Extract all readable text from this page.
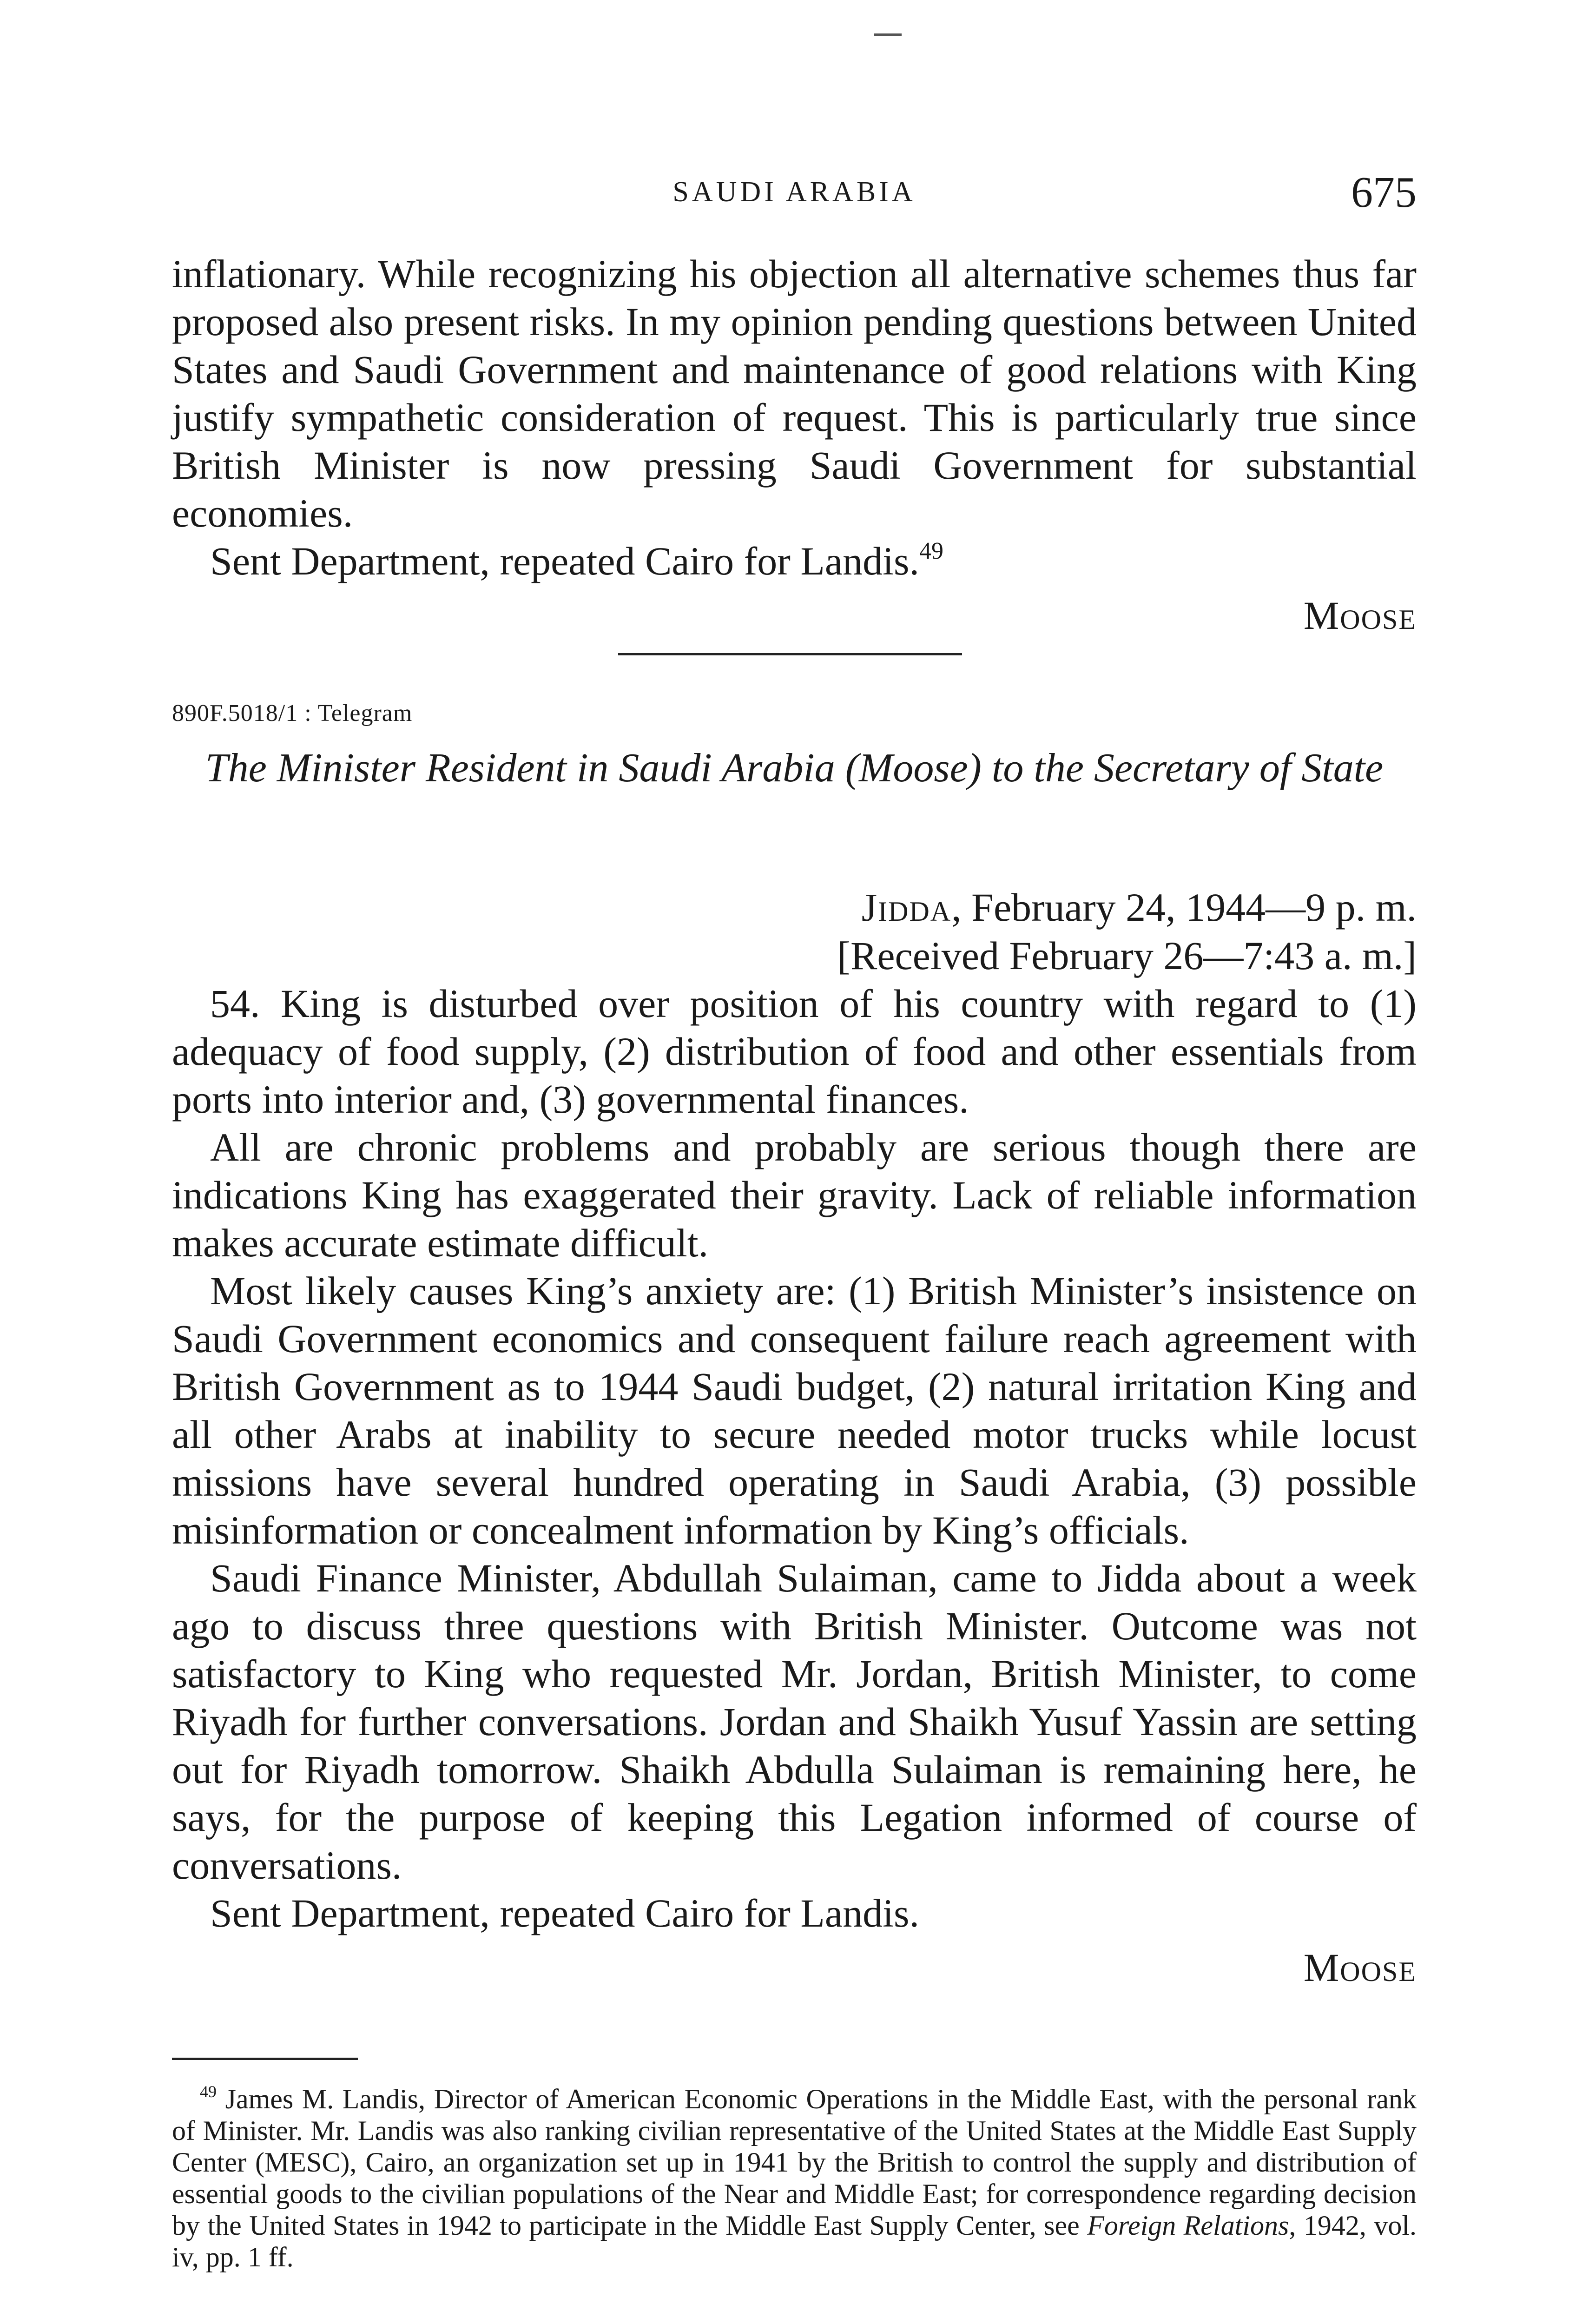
SAUDI ARABIA	675

inflationary. While recognizing his objection all alternative schemes thus far proposed also present risks. In my opinion pending questions between United States and Saudi Government and maintenance of good relations with King justify sympathetic consideration of request. This is particularly true since British Minister is now pressing Saudi Government for substantial economies.

Sent Department, repeated Cairo for Landis.$^{49}$

Moose
890F.5018/1 : Telegram
The Minister Resident in Saudi Arabia (Moose) to the Secretary of State
Jidda, February 24, 1944—9 p. m.
[Received February 26—7:43 a. m.]

54. King is disturbed over position of his country with regard to (1) adequacy of food supply, (2) distribution of food and other essentials from ports into interior and, (3) governmental finances.

All are chronic problems and probably are serious though there are indications King has exaggerated their gravity. Lack of reliable information makes accurate estimate difficult.

Most likely causes King’s anxiety are: (1) British Minister’s insistence on Saudi Government economics and consequent failure reach agreement with British Government as to 1944 Saudi budget, (2) natural irritation King and all other Arabs at inability to secure needed motor trucks while locust missions have several hundred operating in Saudi Arabia, (3) possible misinformation or concealment information by King’s officials.

Saudi Finance Minister, Abdullah Sulaiman, came to Jidda about a week ago to discuss three questions with British Minister. Outcome was not satisfactory to King who requested Mr. Jordan, British Minister, to come Riyadh for further conversations. Jordan and Shaikh Yusuf Yassin are setting out for Riyadh tomorrow. Shaikh Abdulla Sulaiman is remaining here, he says, for the purpose of keeping this Legation informed of course of conversations.

Sent Department, repeated Cairo for Landis.

Moose

$^{49}$ James M. Landis, Director of American Economic Operations in the Middle East, with the personal rank of Minister. Mr. Landis was also ranking civilian representative of the United States at the Middle East Supply Center (MESC), Cairo, an organization set up in 1941 by the British to control the supply and distribution of essential goods to the civilian populations of the Near and Middle East; for correspondence regarding decision by the United States in 1942 to participate in the Middle East Supply Center, see Foreign Relations, 1942, vol. iv, pp. 1 ff.
